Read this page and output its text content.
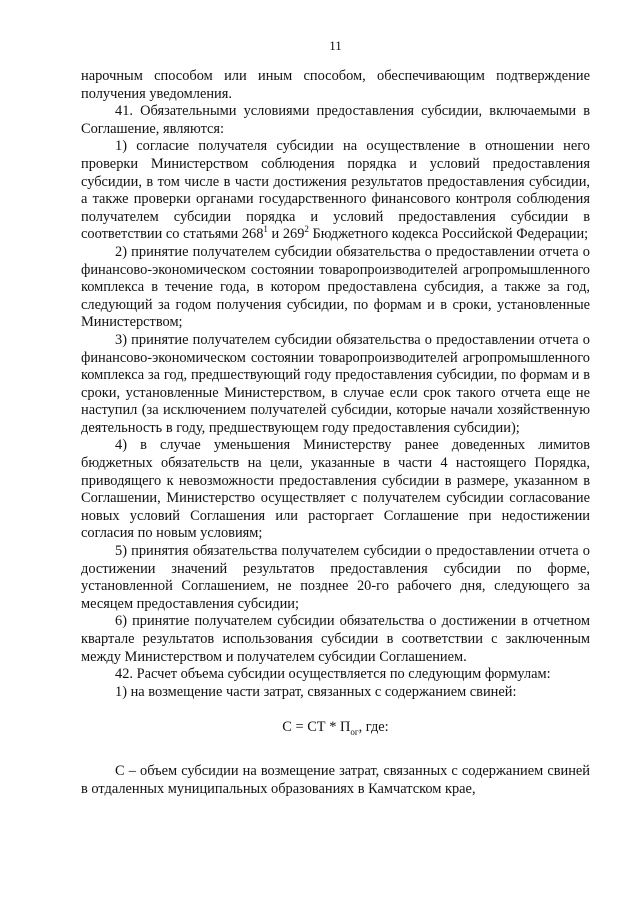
11

нарочным способом или иным способом, обеспечивающим подтверждение получения уведомления.

41. Обязательными условиями предоставления субсидии, включаемыми в Соглашение, являются:

1) согласие получателя субсидии на осуществление в отношении него проверки Министерством соблюдения порядка и условий предоставления субсидии, в том числе в части достижения результатов предоставления субсидии, а также проверки органами государственного финансового контроля соблюдения получателем субсидии порядка и условий предоставления субсидии в соответствии со статьями $268^1$ и $269^2$ Бюджетного кодекса Российской Федерации;

2) принятие получателем субсидии обязательства о предоставлении отчета о финансово-экономическом состоянии товаропроизводителей агропромышленного комплекса в течение года, в котором предоставлена субсидия, а также за год, следующий за годом получения субсидии, по формам и в сроки, установленные Министерством;

3) принятие получателем субсидии обязательства о предоставлении отчета о финансово-экономическом состоянии товаропроизводителей агропромышленного комплекса за год, предшествующий году предоставления субсидии, по формам и в сроки, установленные Министерством, в случае если срок такого отчета еще не наступил (за исключением получателей субсидии, которые начали хозяйственную деятельность в году, предшествующем году предоставления субсидии);

4) в случае уменьшения Министерству ранее доведенных лимитов бюджетных обязательств на цели, указанные в части 4 настоящего Порядка, приводящего к невозможности предоставления субсидии в размере, указанном в Соглашении, Министерство осуществляет с получателем субсидии согласование новых условий Соглашения или расторгает Соглашение при недостижении согласия по новым условиям;

5) принятия обязательства получателем субсидии о предоставлении отчета о достижении значений результатов предоставления субсидии по форме, установленной Соглашением, не позднее 20-го рабочего дня, следующего за месяцем предоставления субсидии;

6) принятие получателем субсидии обязательства о достижении в отчетном квартале результатов использования субсидии в соответствии с заключенным между Министерством и получателем субсидии Соглашением.

42. Расчет объема субсидии осуществляется по следующим формулам:

1) на возмещение части затрат, связанных с содержанием свиней:

С = СТ * $П_{ог}$, где:

С – объем субсидии на возмещение затрат, связанных с содержанием свиней в отдаленных муниципальных образованиях в Камчатском крае,
